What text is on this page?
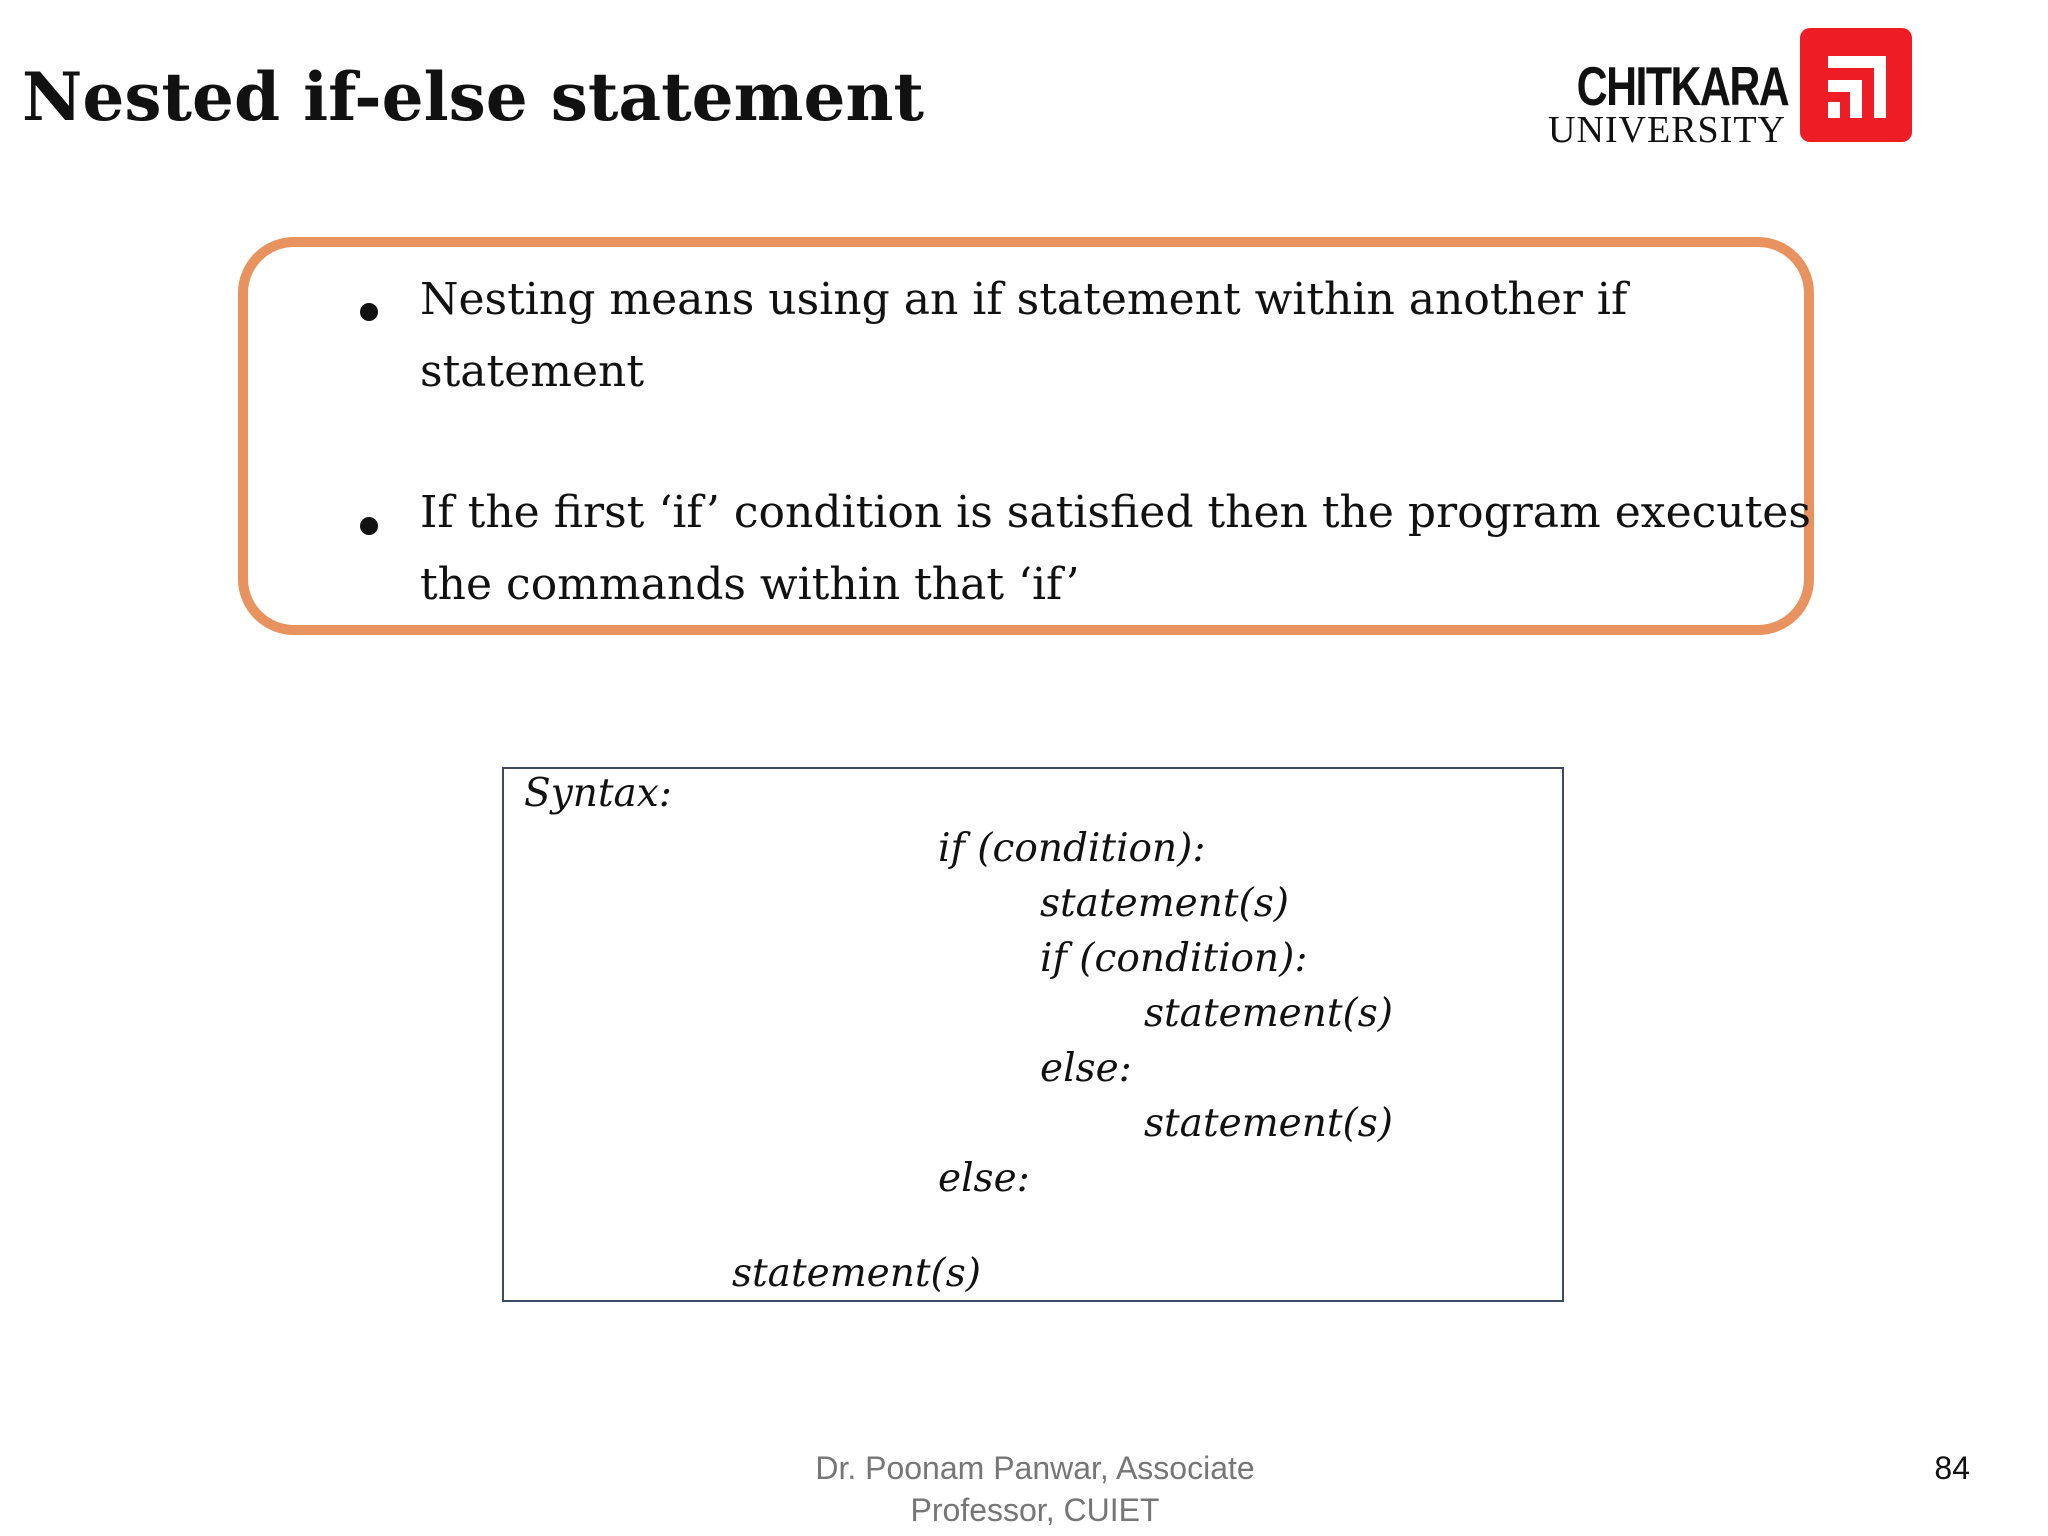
Nested if-else statement	CHITKARA
UNIVERSITY

Nesting means using an if statement within another if statement

If the first ‘if’ condition is satisfied then the program executes the commands within that ‘if’

Syntax:

if (condition):

statement(s)

if (condition):

statement(s)

else:

statement(s)

else:

statement(s)

Dr. Poonam Panwar, Associate
Professor, CUIET
84
